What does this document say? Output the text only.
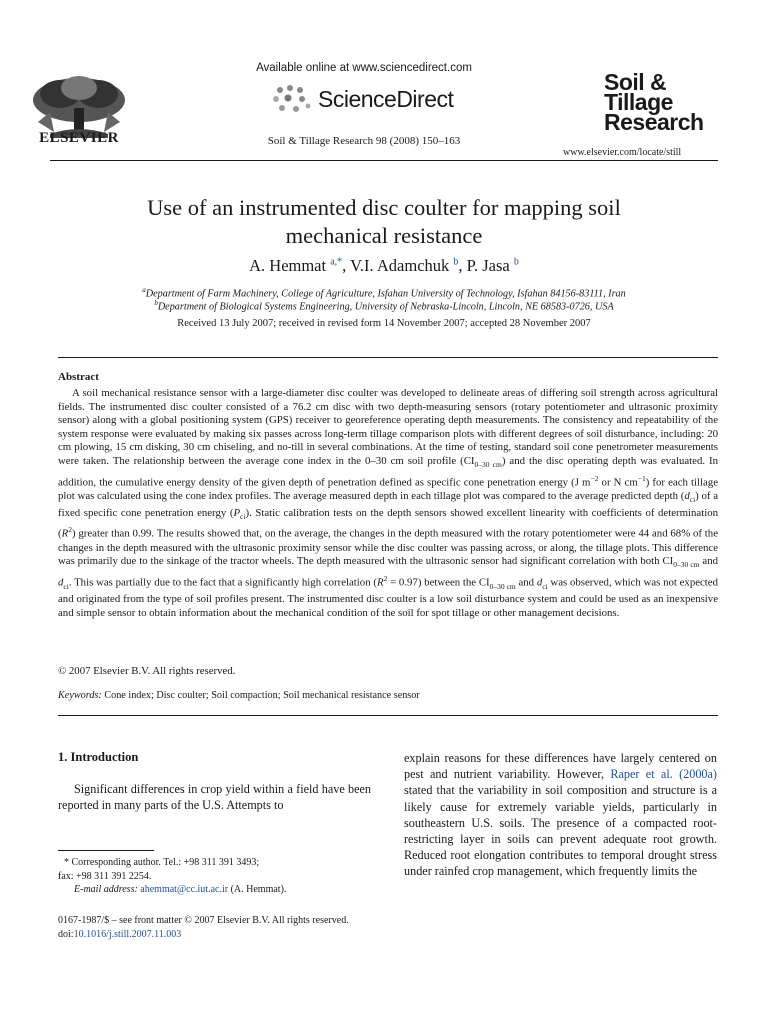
ELSEVIER
Available online at www.sciencedirect.com
ScienceDirect
Soil & Tillage Research 98 (2008) 150–163
Soil &
Tillage
Research
www.elsevier.com/locate/still
Use of an instrumented disc coulter for mapping soil
mechanical resistance
A. Hemmat $^{a,*}$, V.I. Adamchuk $^b$, P. Jasa $^b$
$^a$Department of Farm Machinery, College of Agriculture, Isfahan University of Technology, Isfahan 84156-83111, Iran
$^b$Department of Biological Systems Engineering, University of Nebraska-Lincoln, Lincoln, NE 68583-0726, USA
Received 13 July 2007; received in revised form 14 November 2007; accepted 28 November 2007
Abstract
A soil mechanical resistance sensor with a large-diameter disc coulter was developed to delineate areas of differing soil strength across agricultural fields. The instrumented disc coulter consisted of a 76.2 cm disc with two depth-measuring sensors (rotary potentiometer and ultrasonic proximity sensor) along with a global positioning system (GPS) receiver to georeference operating depth measurements. The consistency and repeatability of the system response were evaluated by making six passes across long-term tillage comparison plots with different degrees of soil disturbance, including: 20 cm plowing, 15 cm disking, 30 cm chiseling, and no-till in several combinations. At the time of testing, standard soil cone penetrometer measurements were taken. The relationship between the average cone index in the 0–30 cm soil profile $(CI_{0-30 cm})$ and the disc operating depth was evaluated. In addition, the cumulative energy density of the given depth of penetration defined as specific cone penetration energy (J $m^{-2}$ or N $cm^{-1}$) for each tillage plot was calculated using the cone index profiles. The average measured depth in each tillage plot was compared to the average predicted depth $(d_{ci})$ of a fixed specific cone penetration energy $(P_{ci})$. Static calibration tests on the depth sensors showed excellent linearity with coefficients of determination $(R^2)$ greater than 0.99. The results showed that, on the average, the changes in the depth measured with the rotary potentiometer were 44 and 68% of the changes in the depth measured with the ultrasonic proximity sensor while the disc coulter was passing across, or along, the tillage plots. This difference was primarily due to the sinkage of the tractor wheels. The depth measured with the ultrasonic sensor had significant correlation with both $CI_{0-30 cm}$ and $d_{ci}$. This was partially due to the fact that a significantly high correlation $(R^2 = 0.97)$ between the $CI_{0-30 cm}$ and $d_{ci}$ was observed, which was not expected and originated from the type of soil profiles present. The instrumented disc coulter is a low soil disturbance system and could be used as an inexpensive and simple sensor to obtain information about the mechanical condition of the soil for spot tillage or other management decisions.
© 2007 Elsevier B.V. All rights reserved.
Keywords: Cone index; Disc coulter; Soil compaction; Soil mechanical resistance sensor
1. Introduction
Significant differences in crop yield within a field have been reported in many parts of the U.S. Attempts to
explain reasons for these differences have largely centered on pest and nutrient variability. However, Raper et al. (2000a) stated that the variability in soil composition and structure is a likely cause for extremely variable yields, particularly in southeastern U.S. soils. The presence of a compacted root-restricting layer in soils can prevent adequate root growth. Reduced root elongation contributes to temporal drought stress under rainfed crop management, which frequently limits the
* Corresponding author. Tel.: +98 311 391 3493;
fax: +98 311 391 2254.
E-mail address: ahemmat@cc.iut.ac.ir (A. Hemmat).
0167-1987/$ – see front matter © 2007 Elsevier B.V. All rights reserved.
doi:10.1016/j.still.2007.11.003
